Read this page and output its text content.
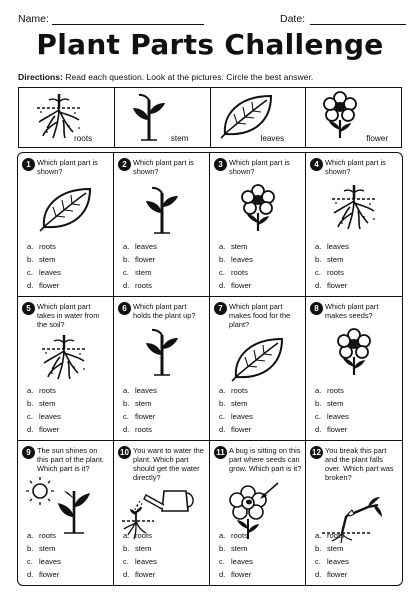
Name:	Date:
Plant Parts Challenge
Directions: Read each question. Look at the pictures. Circle the best answer.
roots	stem	leaves	flower
1 Which plant part is shown?
a. roots
b. stem
c. leaves
d. flower
2 Which plant part is shown?
a. leaves
b. flower
c. stem
d. roots
3 Which plant part is shown?
a. stem
b. leaves
c. roots
d. flower
4 Which plant part is shown?
a. leaves
b. stem
c. roots
d. flower
5 Which plant part takes in water from the soil?
a. roots
b. stem
c. leaves
d. flower
6 Which plant part holds the plant up?
a. leaves
b. stem
c. flower
d. roots
7 Which plant part makes food for the plant?
a. roots
b. stem
c. leaves
d. flower
8 Which plant part makes seeds?
a. roots
b. stem
c. leaves
d. flower
9 The sun shines on this part of the plant. Which part is it?
a. roots
b. stem
c. leaves
d. flower
10 You want to water the plant. Which part should get the water directly?
a. roots
b. stem
c. leaves
d. flower
11 A bug is sitting on this part where seeds can grow. Which part is it?
a. roots
b. stem
c. leaves
d. flower
12 You break this part and the plant falls over. Which part was broken?
a. roots
b. stem
c. leaves
d. flower
